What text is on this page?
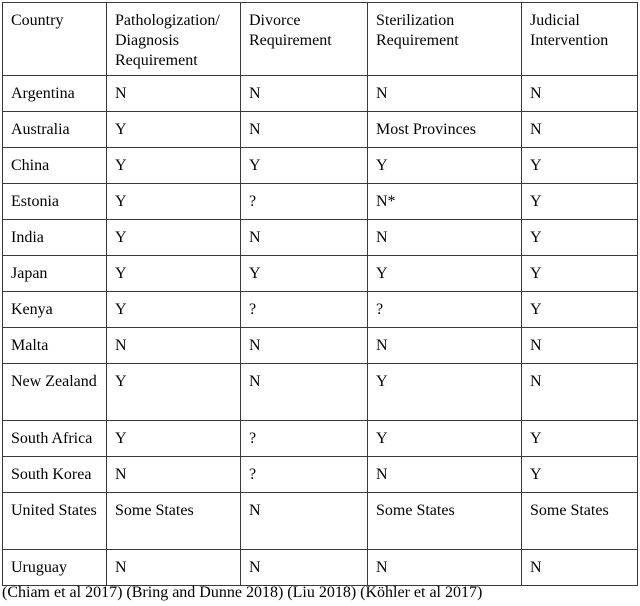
Country	Pathologization/ Diagnosis Requirement	Divorce Requirement	Sterilization Requirement	Judicial Intervention
Argentina	N	N	N	N
Australia	Y	N	Most Provinces	N
China	Y	Y	Y	Y
Estonia	Y	?	N*	Y
India	Y	N	N	Y
Japan	Y	Y	Y	Y
Kenya	Y	?	?	Y
Malta	N	N	N	N
New Zealand	Y	N	Y	N
South Africa	Y	?	Y	Y
South Korea	N	?	N	Y
United States	Some States	N	Some States	Some States
Uruguay	N	N	N	N
(Chiam et al 2017) (Bring and Dunne 2018) (Liu 2018) (Köhler et al 2017)
